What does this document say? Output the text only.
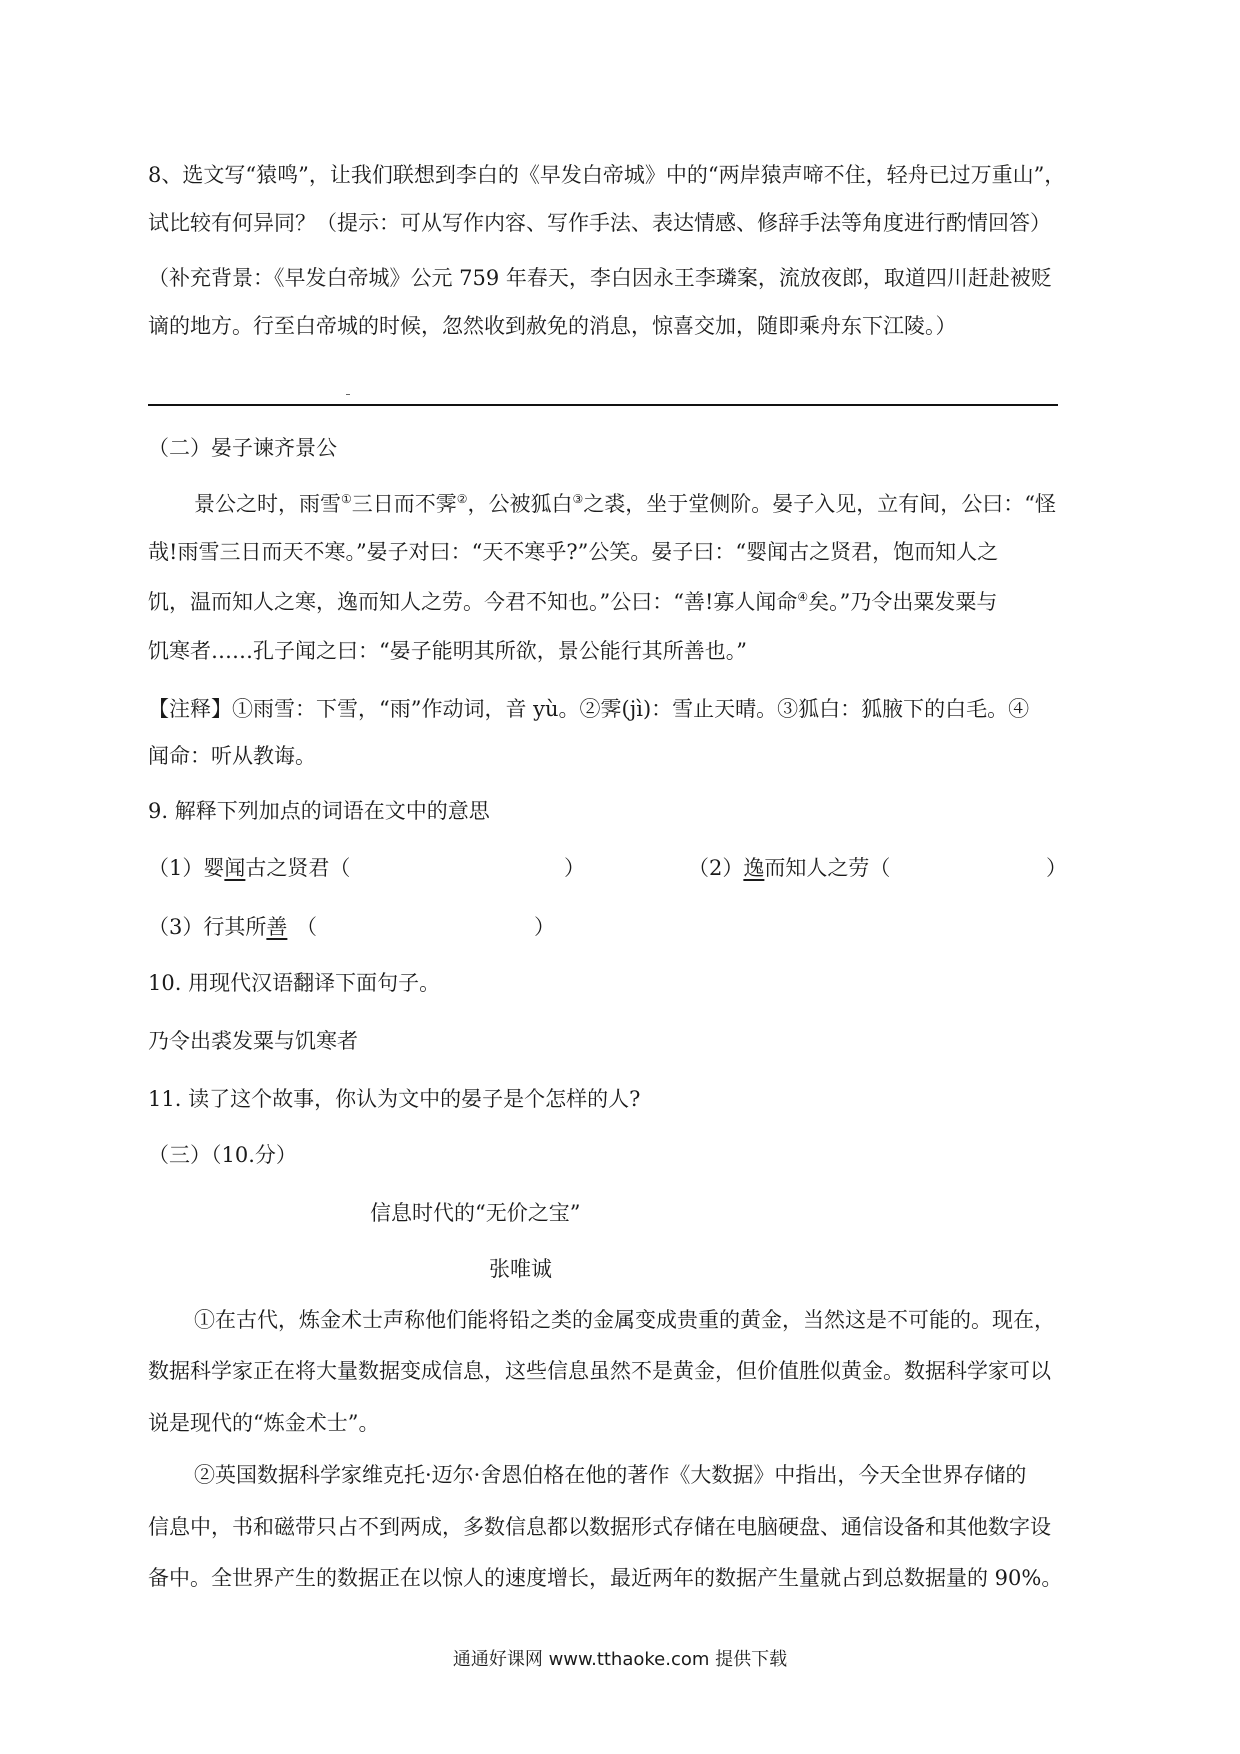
8、选文写“猿鸣”，让我们联想到李白的《早发白帝城》中的“两岸猿声啼不住，轻舟已过万重山”，
试比较有何异同？（提示：可从写作内容、写作手法、表达情感、修辞手法等角度进行酌情回答）
（补充背景：《早发白帝城》公元 759 年春天，李白因永王李璘案，流放夜郎，取道四川赶赴被贬
谪的地方。行至白帝城的时候，忽然收到赦免的消息，惊喜交加，随即乘舟东下江陵。）
（二）晏子谏齐景公
景公之时，雨雪①三日而不霁②，公被狐白③之裘，坐于堂侧阶。晏子入见，立有间，公曰：“怪
哉!雨雪三日而天不寒。”晏子对曰：“天不寒乎?”公笑。晏子曰：“婴闻古之贤君，饱而知人之
饥，温而知人之寒，逸而知人之劳。今君不知也。”公曰：“善!寡人闻命④矣。”乃令出粟发粟与
饥寒者……孔子闻之曰：“晏子能明其所欲，景公能行其所善也。”
【注释】①雨雪：下雪，“雨”作动词，音 yù。②霁(jì)：雪止天晴。③狐白：狐腋下的白毛。④
闻命：听从教诲。
9. 解释下列加点的词语在文中的意思
（1）婴闻古之贤君（	）	（2）逸而知人之劳（	）
（3）行其所善 （	）
10. 用现代汉语翻译下面句子。
乃令出裘发粟与饥寒者
11. 读了这个故事，你认为文中的晏子是个怎样的人?
（三）（10.分）
信息时代的“无价之宝”
张唯诚
①在古代，炼金术士声称他们能将铅之类的金属变成贵重的黄金，当然这是不可能的。现在，
数据科学家正在将大量数据变成信息，这些信息虽然不是黄金，但价值胜似黄金。数据科学家可以
说是现代的“炼金术士”。
②英国数据科学家维克托·迈尔·舍恩伯格在他的著作《大数据》中指出，今天全世界存储的
信息中，书和磁带只占不到两成，多数信息都以数据形式存储在电脑硬盘、通信设备和其他数字设
备中。全世界产生的数据正在以惊人的速度增长，最近两年的数据产生量就占到总数据量的 90%。
通通好课网 www.tthaoke.com 提供下载
